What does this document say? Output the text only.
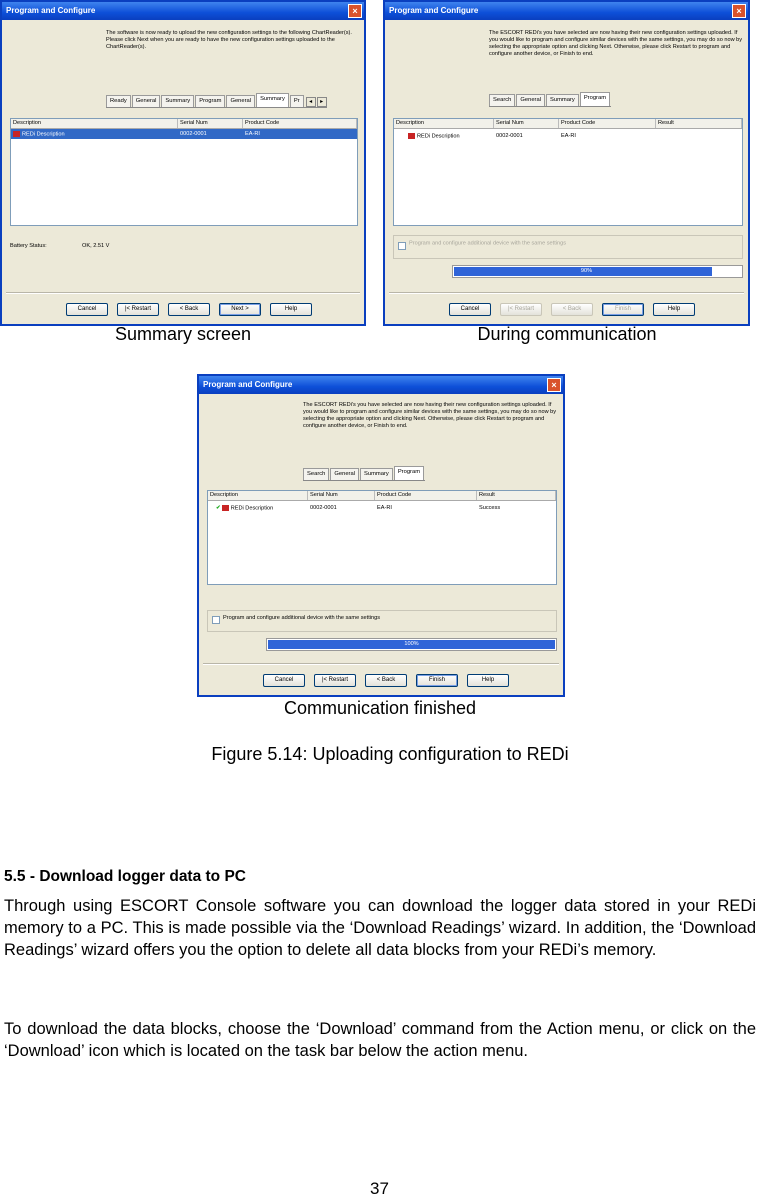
Program and Configure	×
The software is now ready to upload the new configuration settings to the following ChartReader(s). Please click Next when you are ready to have the new configuration settings uploaded to the ChartReader(s).
Ready	General	Summary	Program	General	Summary	Pr	◂	▸
Description	Serial Num	Product Code
REDi Description	0002-0001	EA-RI
Battery Status:	OK, 2.51 V
Cancel	|< Restart	< Back	Next >	Help
Program and Configure	×
The ESCORT REDi's you have selected are now having their new configuration settings uploaded. If you would like to program and configure similar devices with the same settings, you may do so now by selecting the appropriate option and clicking Next. Otherwise, please click Restart to program and configure another device, or Finish to end.
Search	General	Summary	Program
Description	Serial Num	Product Code	Result
REDi Description	0002-0001	EA-RI
Program and configure additional device with the same settings
90%
Cancel	|< Restart	< Back	Finish	Help
Summary screen	During communication
Program and Configure	×
The ESCORT REDi's you have selected are now having their new configuration settings uploaded. If you would like to program and configure similar devices with the same settings, you may do so now by selecting the appropriate option and clicking Next. Otherwise, please click Restart to program and configure another device, or Finish to end.
Search	General	Summary	Program
Description	Serial Num	Product Code	Result
✔ REDi Description	0002-0001	EA-RI	Success
Program and configure additional device with the same settings
100%
Cancel	|< Restart	< Back	Finish	Help
Communication finished
Figure 5.14: Uploading configuration to REDi
5.5 - Download logger data to PC
Through using ESCORT Console software you can download the logger data stored in your REDi memory to a PC. This is made possible via the ‘Download Readings’ wizard. In addition, the ‘Download Readings’ wizard offers you the option to delete all data blocks from your REDi’s memory.
To download the data blocks, choose the ‘Download’ command from the Action menu, or click on the ‘Download’ icon which is located on the task bar below the action menu.
37
